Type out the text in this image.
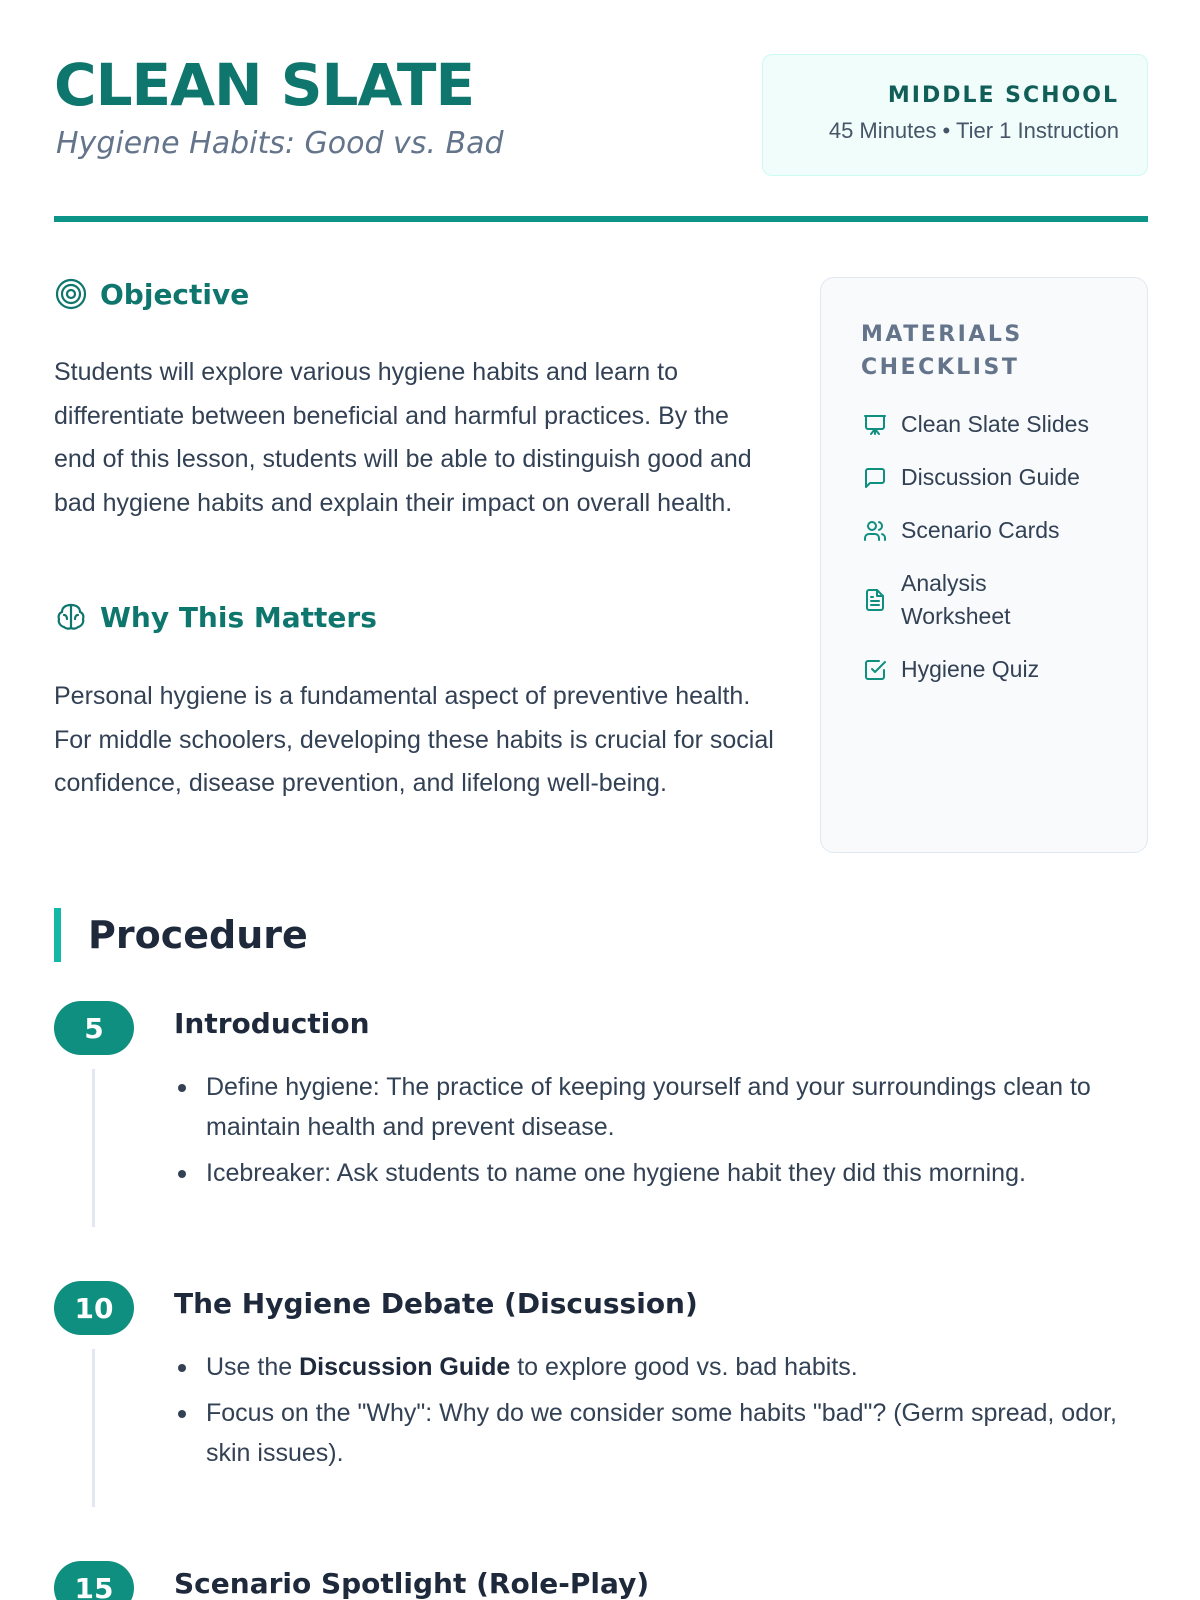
CLEAN SLATE
Hygiene Habits: Good vs. Bad
MIDDLE SCHOOL
45 Minutes • Tier 1 Instruction
Objective

Students will explore various hygiene habits and learn to differentiate between beneficial and harmful practices. By the end of this lesson, students will be able to distinguish good and bad hygiene habits and explain their impact on overall health.

Why This Matters

Personal hygiene is a fundamental aspect of preventive health. For middle schoolers, developing these habits is crucial for social confidence, disease prevention, and lifelong well-being.

MATERIALS CHECKLIST
Clean Slate Slides
Discussion Guide
Scenario Cards
Analysis Worksheet
Hygiene Quiz
Procedure
5	Introduction
Define hygiene: The practice of keeping yourself and your surroundings clean to maintain health and prevent disease.
Icebreaker: Ask students to name one hygiene habit they did this morning.
10	The Hygiene Debate (Discussion)
Use the Discussion Guide to explore good vs. bad habits.
Focus on the "Why": Why do we consider some habits "bad"? (Germ spread, odor, skin issues).
15	Scenario Spotlight (Role-Play)
